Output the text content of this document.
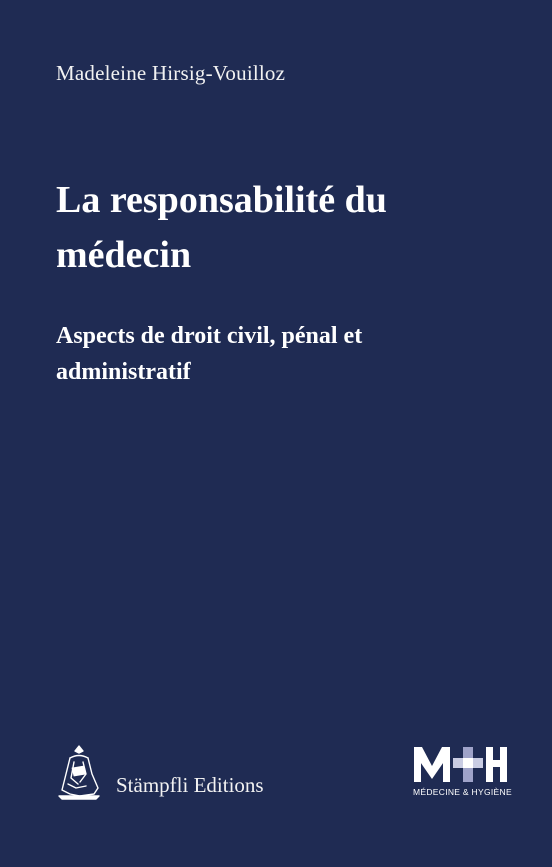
Madeleine Hirsig-Vouilloz
La responsabilité du
médecin
Aspects de droit civil, pénal et
administratif
Stämpfli Editions	MÉDECINE & HYGIÈNE
